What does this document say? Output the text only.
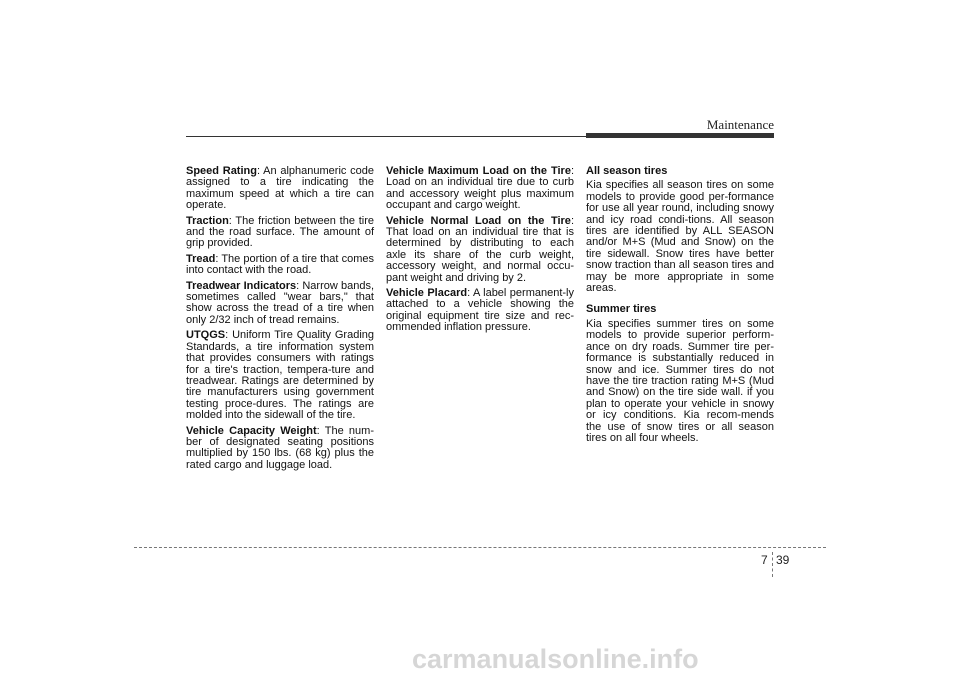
Maintenance

Speed Rating: An alphanumeric code assigned to a tire indicating the maximum speed at which a tire can operate.

Traction: The friction between the tire and the road surface. The amount of grip provided.

Tread: The portion of a tire that comes into contact with the road.

Treadwear Indicators: Narrow bands, sometimes called "wear bars," that show across the tread of a tire when only 2/32 inch of tread remains.

UTQGS: Uniform Tire Quality Grading Standards, a tire information system that provides consumers with ratings for a tire's traction, tempera-ture and treadwear. Ratings are determined by tire manufacturers using government testing proce-dures. The ratings are molded into the sidewall of the tire.

Vehicle Capacity Weight: The num-ber of designated seating positions multiplied by 150 lbs. (68 kg) plus the rated cargo and luggage load.

Vehicle Maximum Load on the Tire: Load on an individual tire due to curb and accessory weight plus maximum occupant and cargo weight.

Vehicle Normal Load on the Tire: That load on an individual tire that is determined by distributing to each axle its share of the curb weight, accessory weight, and normal occu-pant weight and driving by 2.

Vehicle Placard: A label permanent-ly attached to a vehicle showing the original equipment tire size and rec-ommended inflation pressure.

All season tires

Kia specifies all season tires on some models to provide good per-formance for use all year round, including snowy and icy road condi-tions. All season tires are identified by ALL SEASON and/or M+S (Mud and Snow) on the tire sidewall. Snow tires have better snow traction than all season tires and may be more appropriate in some areas.

Summer tires

Kia specifies summer tires on some models to provide superior perform-ance on dry roads. Summer tire per-formance is substantially reduced in snow and ice. Summer tires do not have the tire traction rating M+S (Mud and Snow) on the tire side wall. if you plan to operate your vehicle in snowy or icy conditions. Kia recom-mends the use of snow tires or all season tires on all four wheels.

7 39
carmanualsonline.info
